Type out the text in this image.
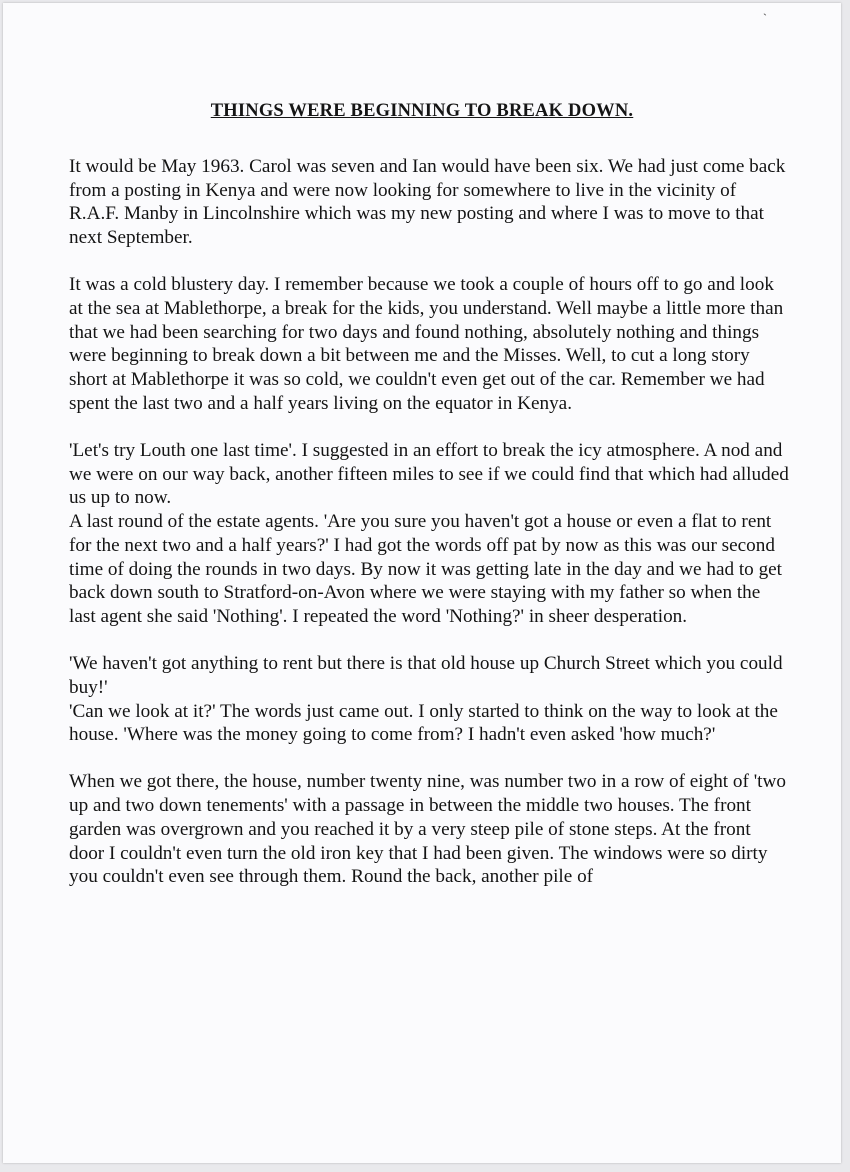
`

THINGS WERE BEGINNING TO BREAK DOWN.

It would be May 1963. Carol was seven and Ian would have been six. We had just come back from a posting in Kenya and were now looking for somewhere to live in the vicinity of R.A.F. Manby in Lincolnshire which was my new posting and where I was to move to that next September.

It was a cold blustery day. I remember because we took a couple of hours off to go and look at the sea at Mablethorpe, a break for the kids, you understand. Well maybe a little more than that we had been searching for two days and found nothing, absolutely nothing and things were beginning to break down a bit between me and the Misses. Well, to cut a long story short at Mablethorpe it was so cold, we couldn't even get out of the car. Remember we had spent the last two and a half years living on the equator in Kenya.

'Let's try Louth one last time'. I suggested in an effort to break the icy atmosphere. A nod and we were on our way back, another fifteen miles to see if we could find that which had alluded us up to now.

A last round of the estate agents. 'Are you sure you haven't got a house or even a flat to rent for the next two and a half years?' I had got the words off pat by now as this was our second time of doing the rounds in two days. By now it was getting late in the day and we had to get back down south to Stratford-on-Avon where we were staying with my father so when the last agent she said 'Nothing'. I repeated the word 'Nothing?' in sheer desperation.

'We haven't got anything to rent but there is that old house up Church Street which you could buy!'

'Can we look at it?' The words just came out. I only started to think on the way to look at the house. 'Where was the money going to come from? I hadn't even asked 'how much?'

When we got there, the house, number twenty nine, was number two in a row of eight of 'two up and two down tenements' with a passage in between the middle two houses. The front garden was overgrown and you reached it by a very steep pile of stone steps. At the front door I couldn't even turn the old iron key that I had been given. The windows were so dirty you couldn't even see through them. Round the back, another pile of
